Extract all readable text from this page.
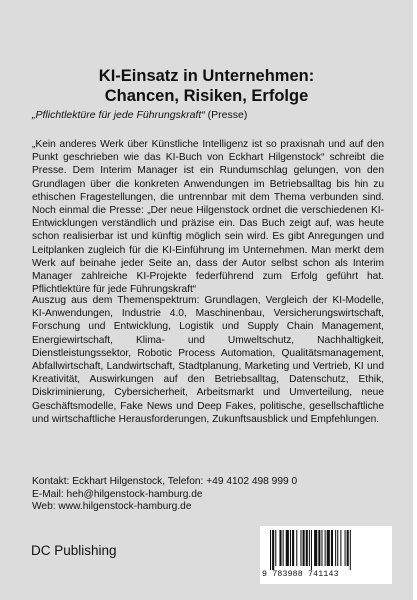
KI-Einsatz in Unternehmen:
Chancen, Risiken, Erfolge
„Pflichtlektüre für jede Führungskraft“ (Presse)
„Kein anderes Werk über Künstliche Intelligenz ist so praxisnah und auf den Punkt geschrieben wie das KI-Buch von Eckhart Hilgenstock“ schreibt die Presse. Dem Interim Manager ist ein Rundumschlag gelungen, von den Grundlagen über die konkreten Anwendungen im Betriebsalltag bis hin zu ethischen Fragestellungen, die untrennbar mit dem Thema verbunden sind. Noch einmal die Presse: „Der neue Hilgenstock ordnet die verschiedenen KI-Entwicklungen verständlich und präzise ein. Das Buch zeigt auf, was heute schon realisierbar ist und künftig möglich sein wird. Es gibt Anregungen und Leitplanken zugleich für die KI-Einführung im Unternehmen. Man merkt dem Werk auf beinahe jeder Seite an, dass der Autor selbst schon als Interim Manager zahlreiche KI-Projekte federführend zum Erfolg geführt hat. Pflichtlektüre für jede Führungskraft“
Auszug aus dem Themenspektrum: Grundlagen, Vergleich der KI-Modelle, KI-Anwendungen, Industrie 4.0, Maschinenbau, Versicherungswirtschaft, Forschung und Entwicklung, Logistik und Supply Chain Management, Energiewirtschaft, Klima- und Umweltschutz, Nachhaltigkeit, Dienstleistungssektor, Robotic Process Automation, Qualitätsmanagement, Abfallwirtschaft, Landwirtschaft, Stadtplanung, Marketing und Vertrieb, KI und Kreativität, Auswirkungen auf den Betriebsalltag, Datenschutz, Ethik, Diskriminierung, Cybersicherheit, Arbeitsmarkt und Umverteilung, neue Geschäftsmodelle, Fake News und Deep Fakes, politische, gesellschaftliche und wirtschaftliche Herausforderungen, Zukunftsausblick und Empfehlungen.
Kontakt: Eckhart Hilgenstock, Telefon: +49 4102 498 999 0
E-Mail: heh@hilgenstock-hamburg.de
Web: www.hilgenstock-hamburg.de
DC Publishing
9 783988 741143
